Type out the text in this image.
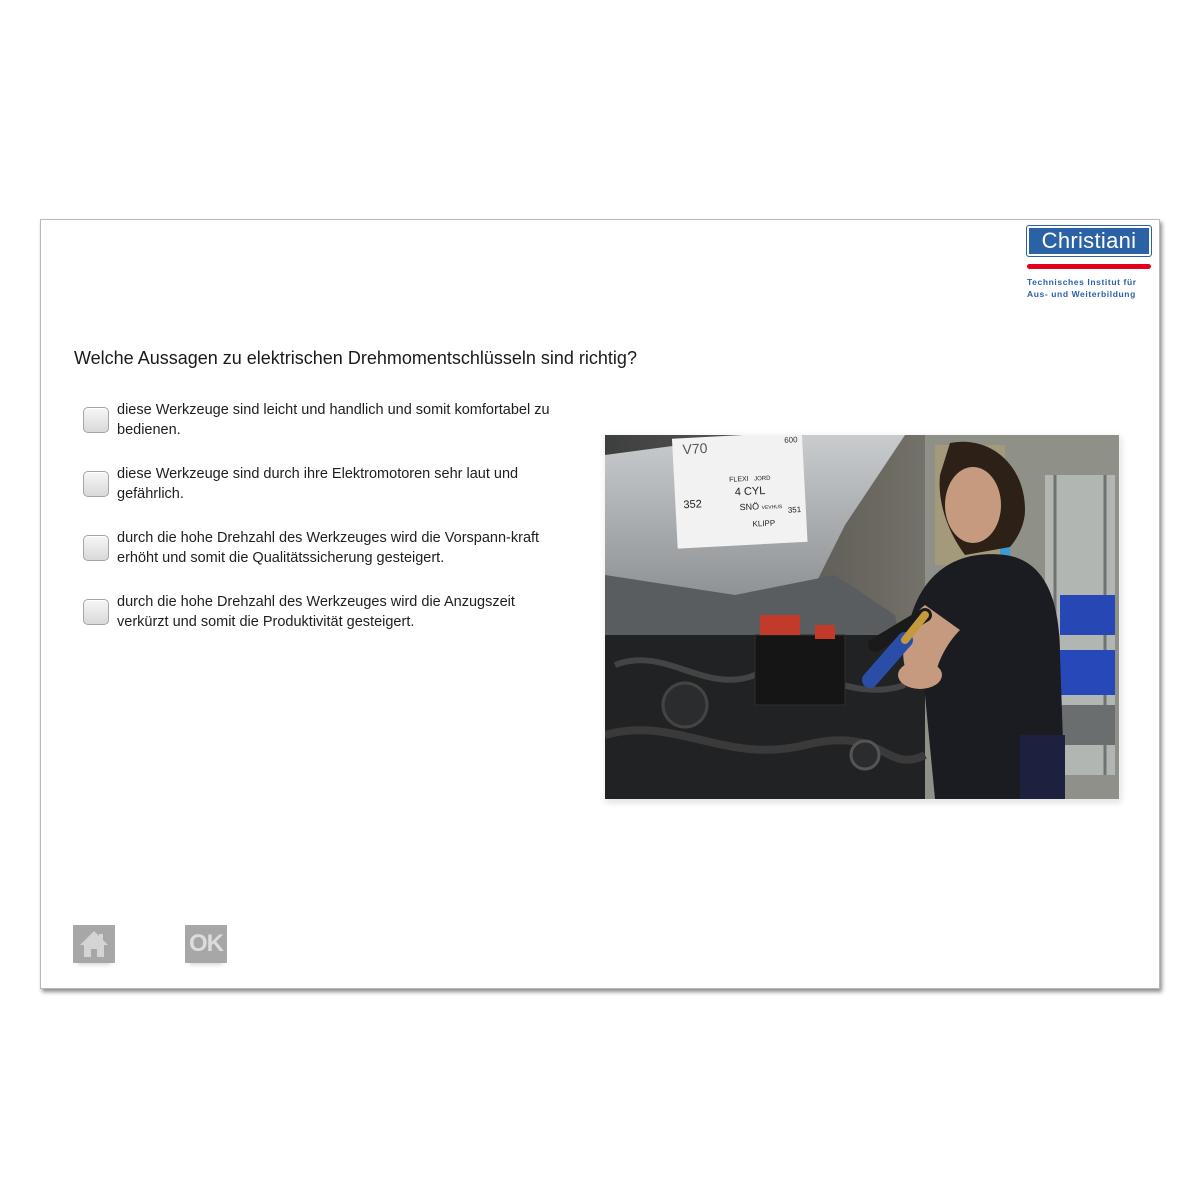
Christiani
Technisches Institut für
Aus- und Weiterbildung
Welche Aussagen zu elektrischen Drehmomentschlüsseln sind richtig?
diese Werkzeuge sind leicht und handlich und somit komfortabel zu bedienen.
diese Werkzeuge sind durch ihre Elektromotoren sehr laut und gefährlich.
durch die hohe Drehzahl des Werkzeuges wird die Vorspann-kraft erhöht und somit die Qualitätssicherung gesteigert.
durch die hohe Drehzahl des Werkzeuges wird die Anzugszeit verkürzt und somit die Produktivität gesteigert.
V70	600
FLEXI JORD
4 CYL
352	SNÖ VEVHUS 351
KLIPP
OK
